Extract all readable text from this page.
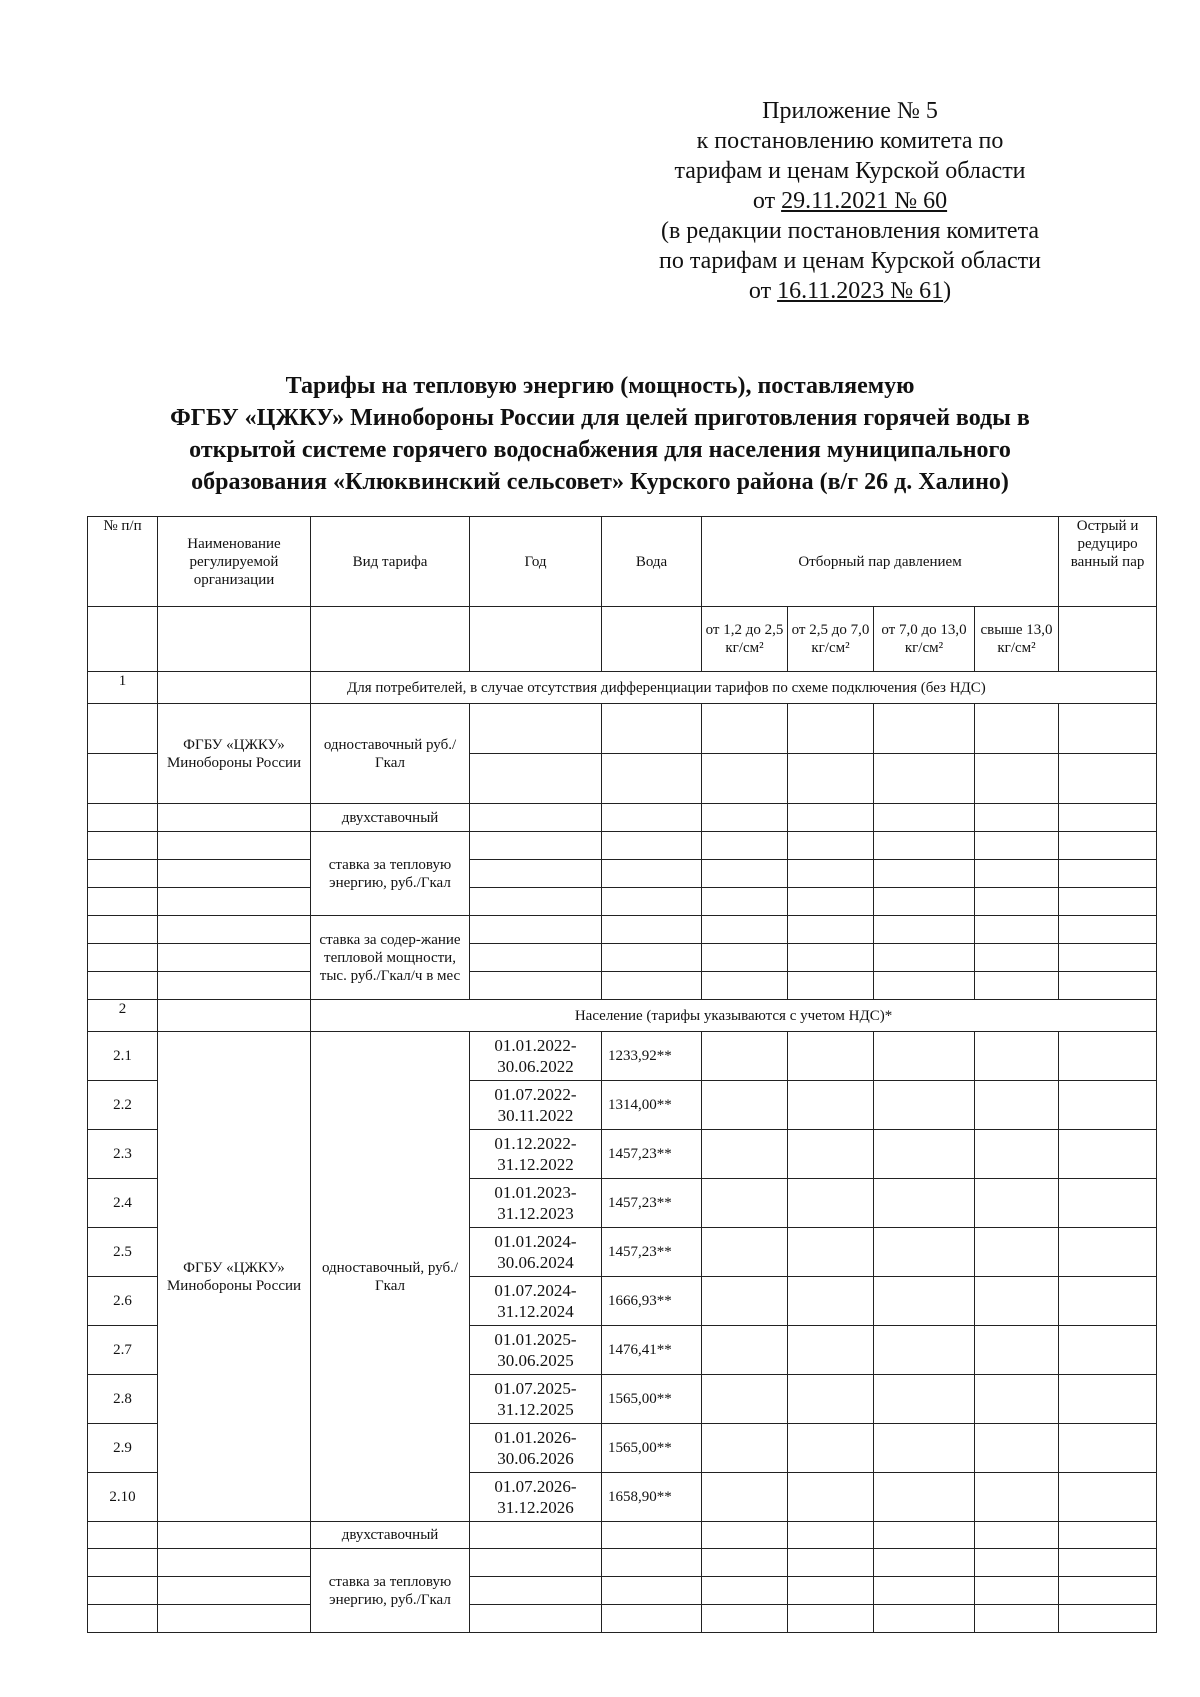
Приложение № 5
к постановлению комитета по
тарифам и ценам Курской области
от 29.11.2021 № 60
(в редакции постановления комитета
по тарифам и ценам Курской области
от 16.11.2023 № 61)
Тарифы на тепловую энергию (мощность), поставляемую
ФГБУ «ЦЖКУ» Минобороны России для целей приготовления горячей воды в
открытой системе горячего водоснабжения для населения муниципального
образования «Клюквинский сельсовет» Курского района (в/г 26 д. Халино)
№ п/п	Наименование регулируемой организации	Вид тарифа	Год	Вода	Отборный пар давлением				Острый и редуциро ванный пар
					от 1,2 до 2,5 кг/см²	от 2,5 до 7,0 кг/см²	от 7,0 до 13,0 кг/см²	свыше 13,0 кг/см²	
1		Для потребителей, в случае отсутствия дифференциации тарифов по схеме подключения (без НДС)							
	ФГБУ «ЦЖКУ» Минобороны России	одноставочный руб./Гкал							

		двухставочный							
		ставка за тепловую энергию, руб./Гкал							

		ставка за содер-жание тепловой мощности, тыс. руб./Гкал/ч в мес							

2		Население (тарифы указываются с учетом НДС)*							
2.1	ФГБУ «ЦЖКУ» Минобороны России	одноставочный, руб./Гкал	01.01.2022-30.06.2022	1233,92**					
2.2			01.07.2022-30.11.2022	1314,00**					
2.3			01.12.2022-31.12.2022	1457,23**					
2.4			01.01.2023-31.12.2023	1457,23**					
2.5			01.01.2024-30.06.2024	1457,23**					
2.6			01.07.2024-31.12.2024	1666,93**					
2.7			01.01.2025-30.06.2025	1476,41**					
2.8			01.07.2025-31.12.2025	1565,00**					
2.9			01.01.2026-30.06.2026	1565,00**					
2.10			01.07.2026-31.12.2026	1658,90**					
		двухставочный							
		ставка за тепловую энергию, руб./Гкал							
